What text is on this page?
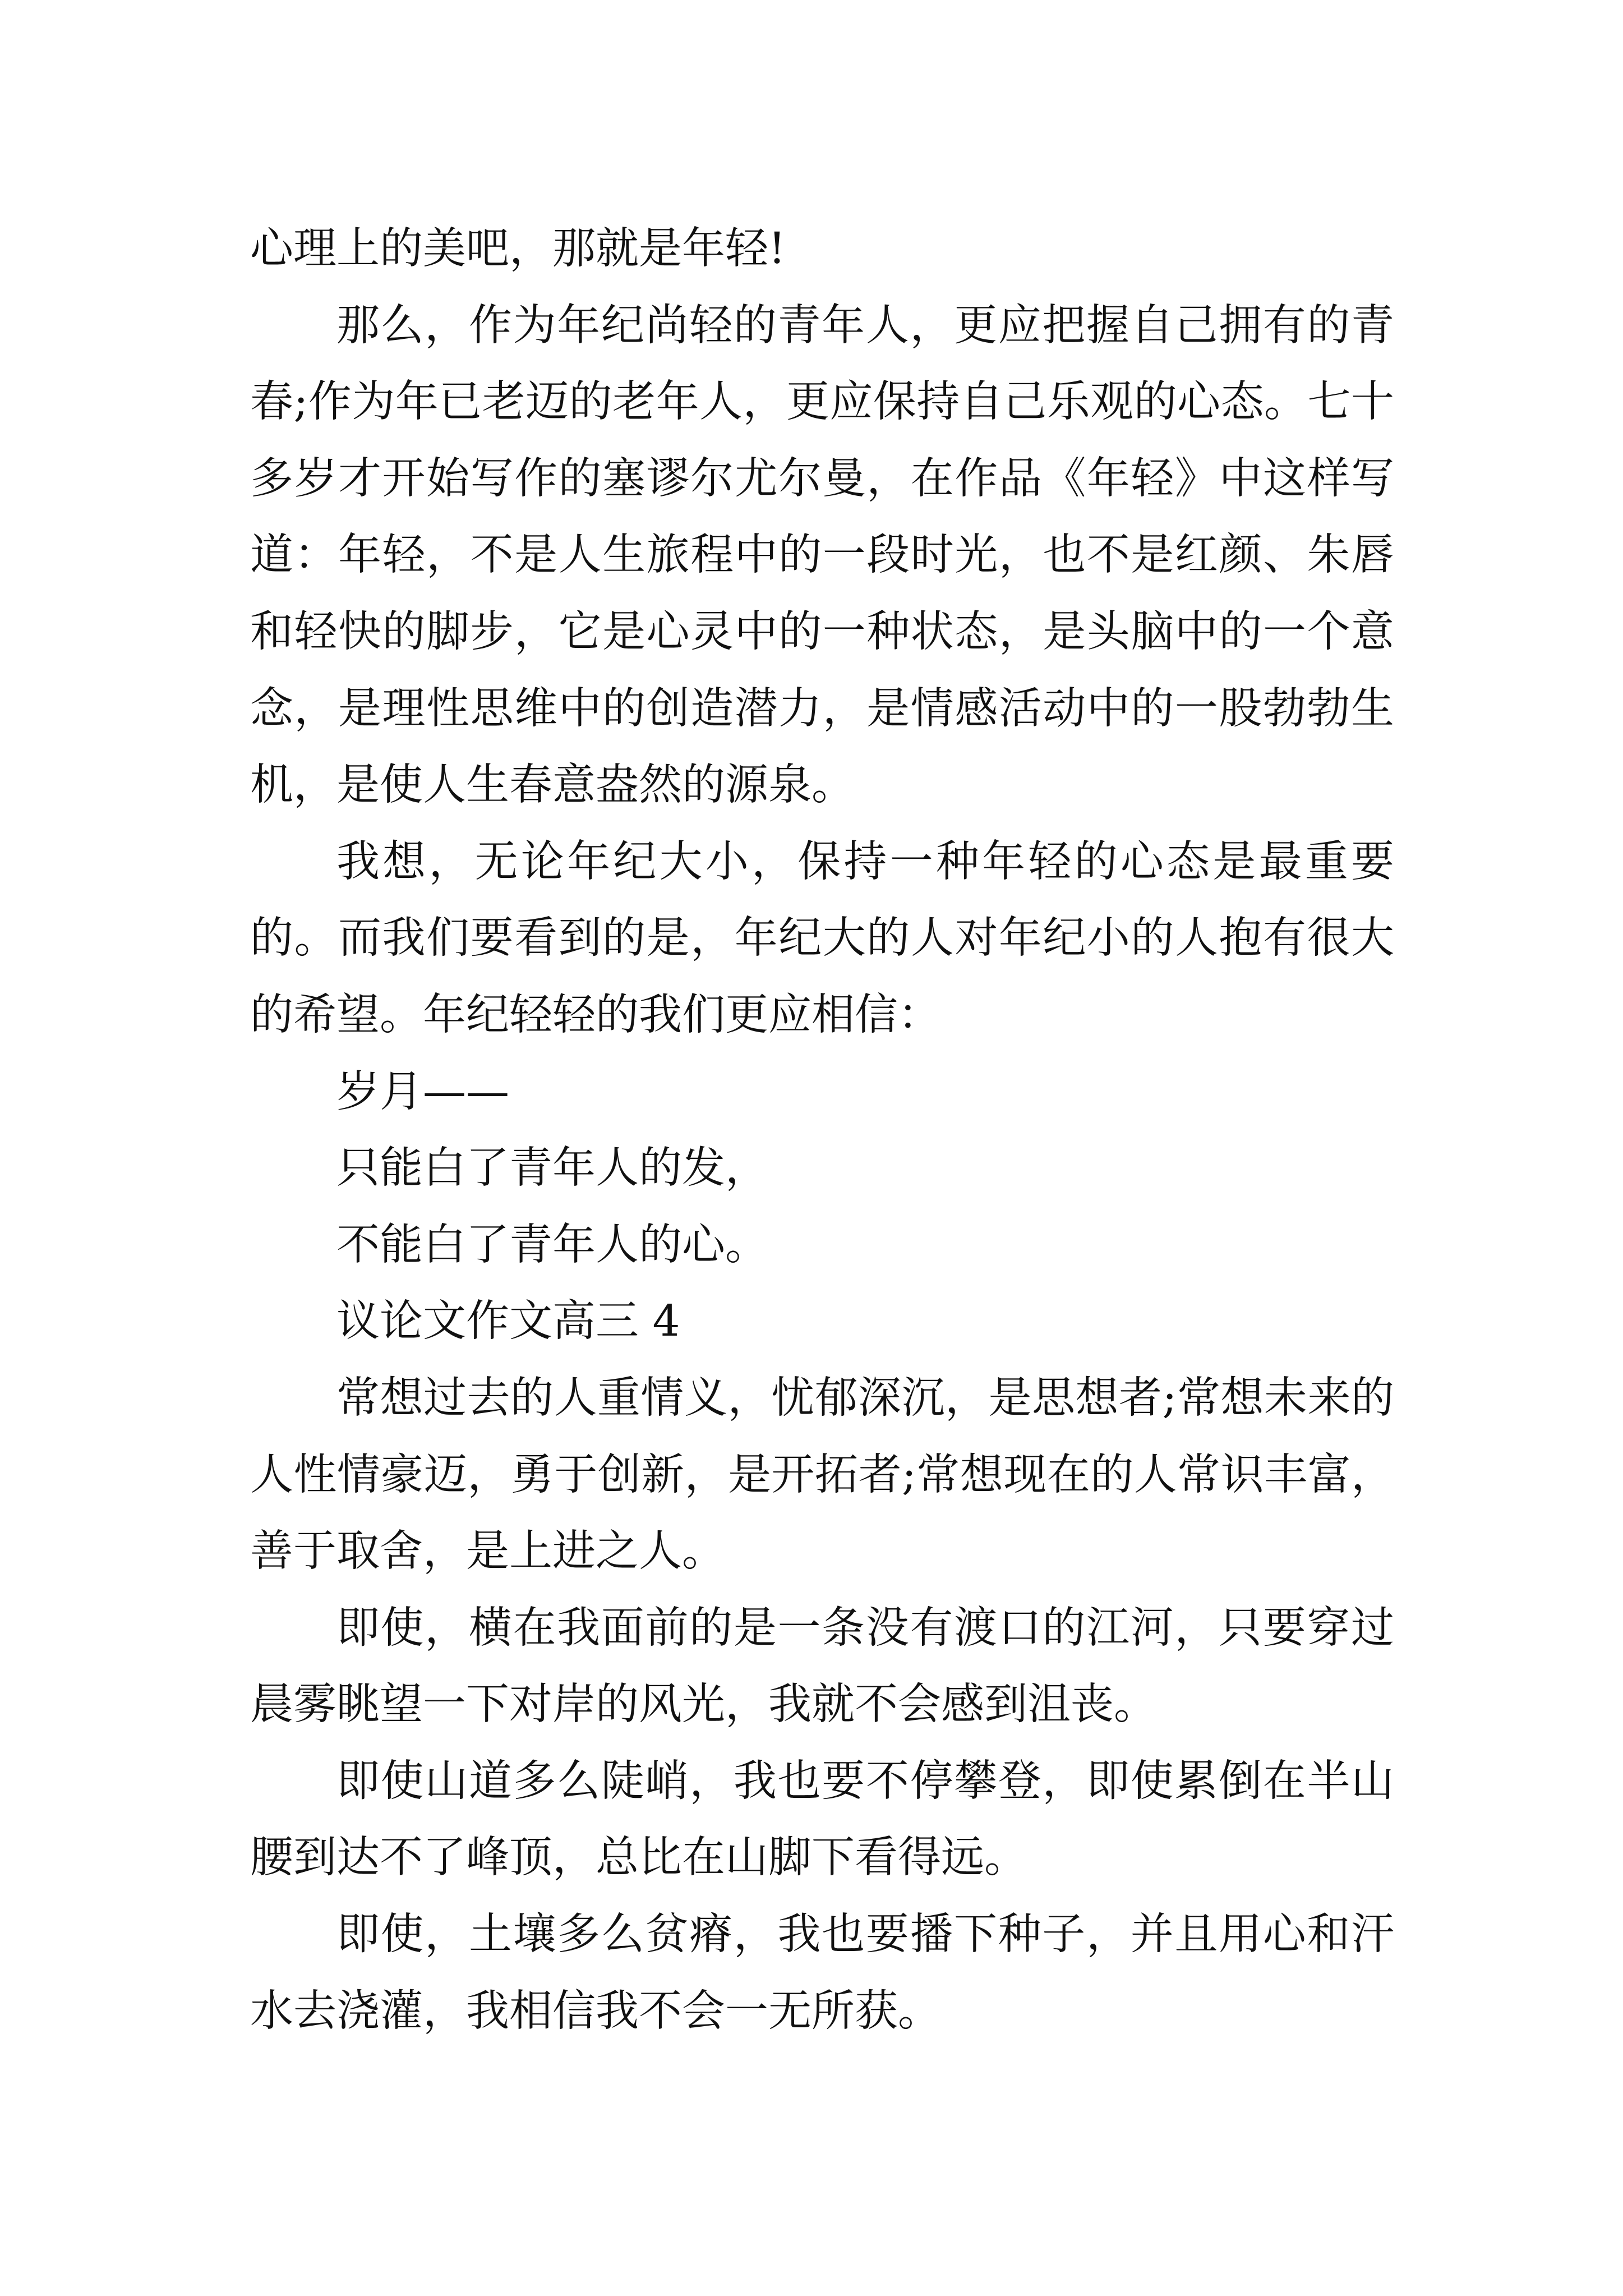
心理上的美吧，那就是年轻!

那么，作为年纪尚轻的青年人，更应把握自己拥有的青春;作为年已老迈的老年人，更应保持自己乐观的心态。七十多岁才开始写作的塞谬尔尤尔曼，在作品《年轻》中这样写道：年轻，不是人生旅程中的一段时光，也不是红颜、朱唇和轻快的脚步，它是心灵中的一种状态，是头脑中的一个意念，是理性思维中的创造潜力，是情感活动中的一股勃勃生机，是使人生春意盎然的源泉。

我想，无论年纪大小，保持一种年轻的心态是最重要的。而我们要看到的是，年纪大的人对年纪小的人抱有很大的希望。年纪轻轻的我们更应相信：

岁月——

只能白了青年人的发，

不能白了青年人的心。

议论文作文高三 4

常想过去的人重情义，忧郁深沉，是思想者;常想未来的人性情豪迈，勇于创新，是开拓者;常想现在的人常识丰富，善于取舍，是上进之人。

即使，横在我面前的是一条没有渡口的江河，只要穿过晨雾眺望一下对岸的风光，我就不会感到沮丧。

即使山道多么陡峭，我也要不停攀登，即使累倒在半山腰到达不了峰顶，总比在山脚下看得远。

即使，土壤多么贫瘠，我也要播下种子，并且用心和汗水去浇灌，我相信我不会一无所获。
